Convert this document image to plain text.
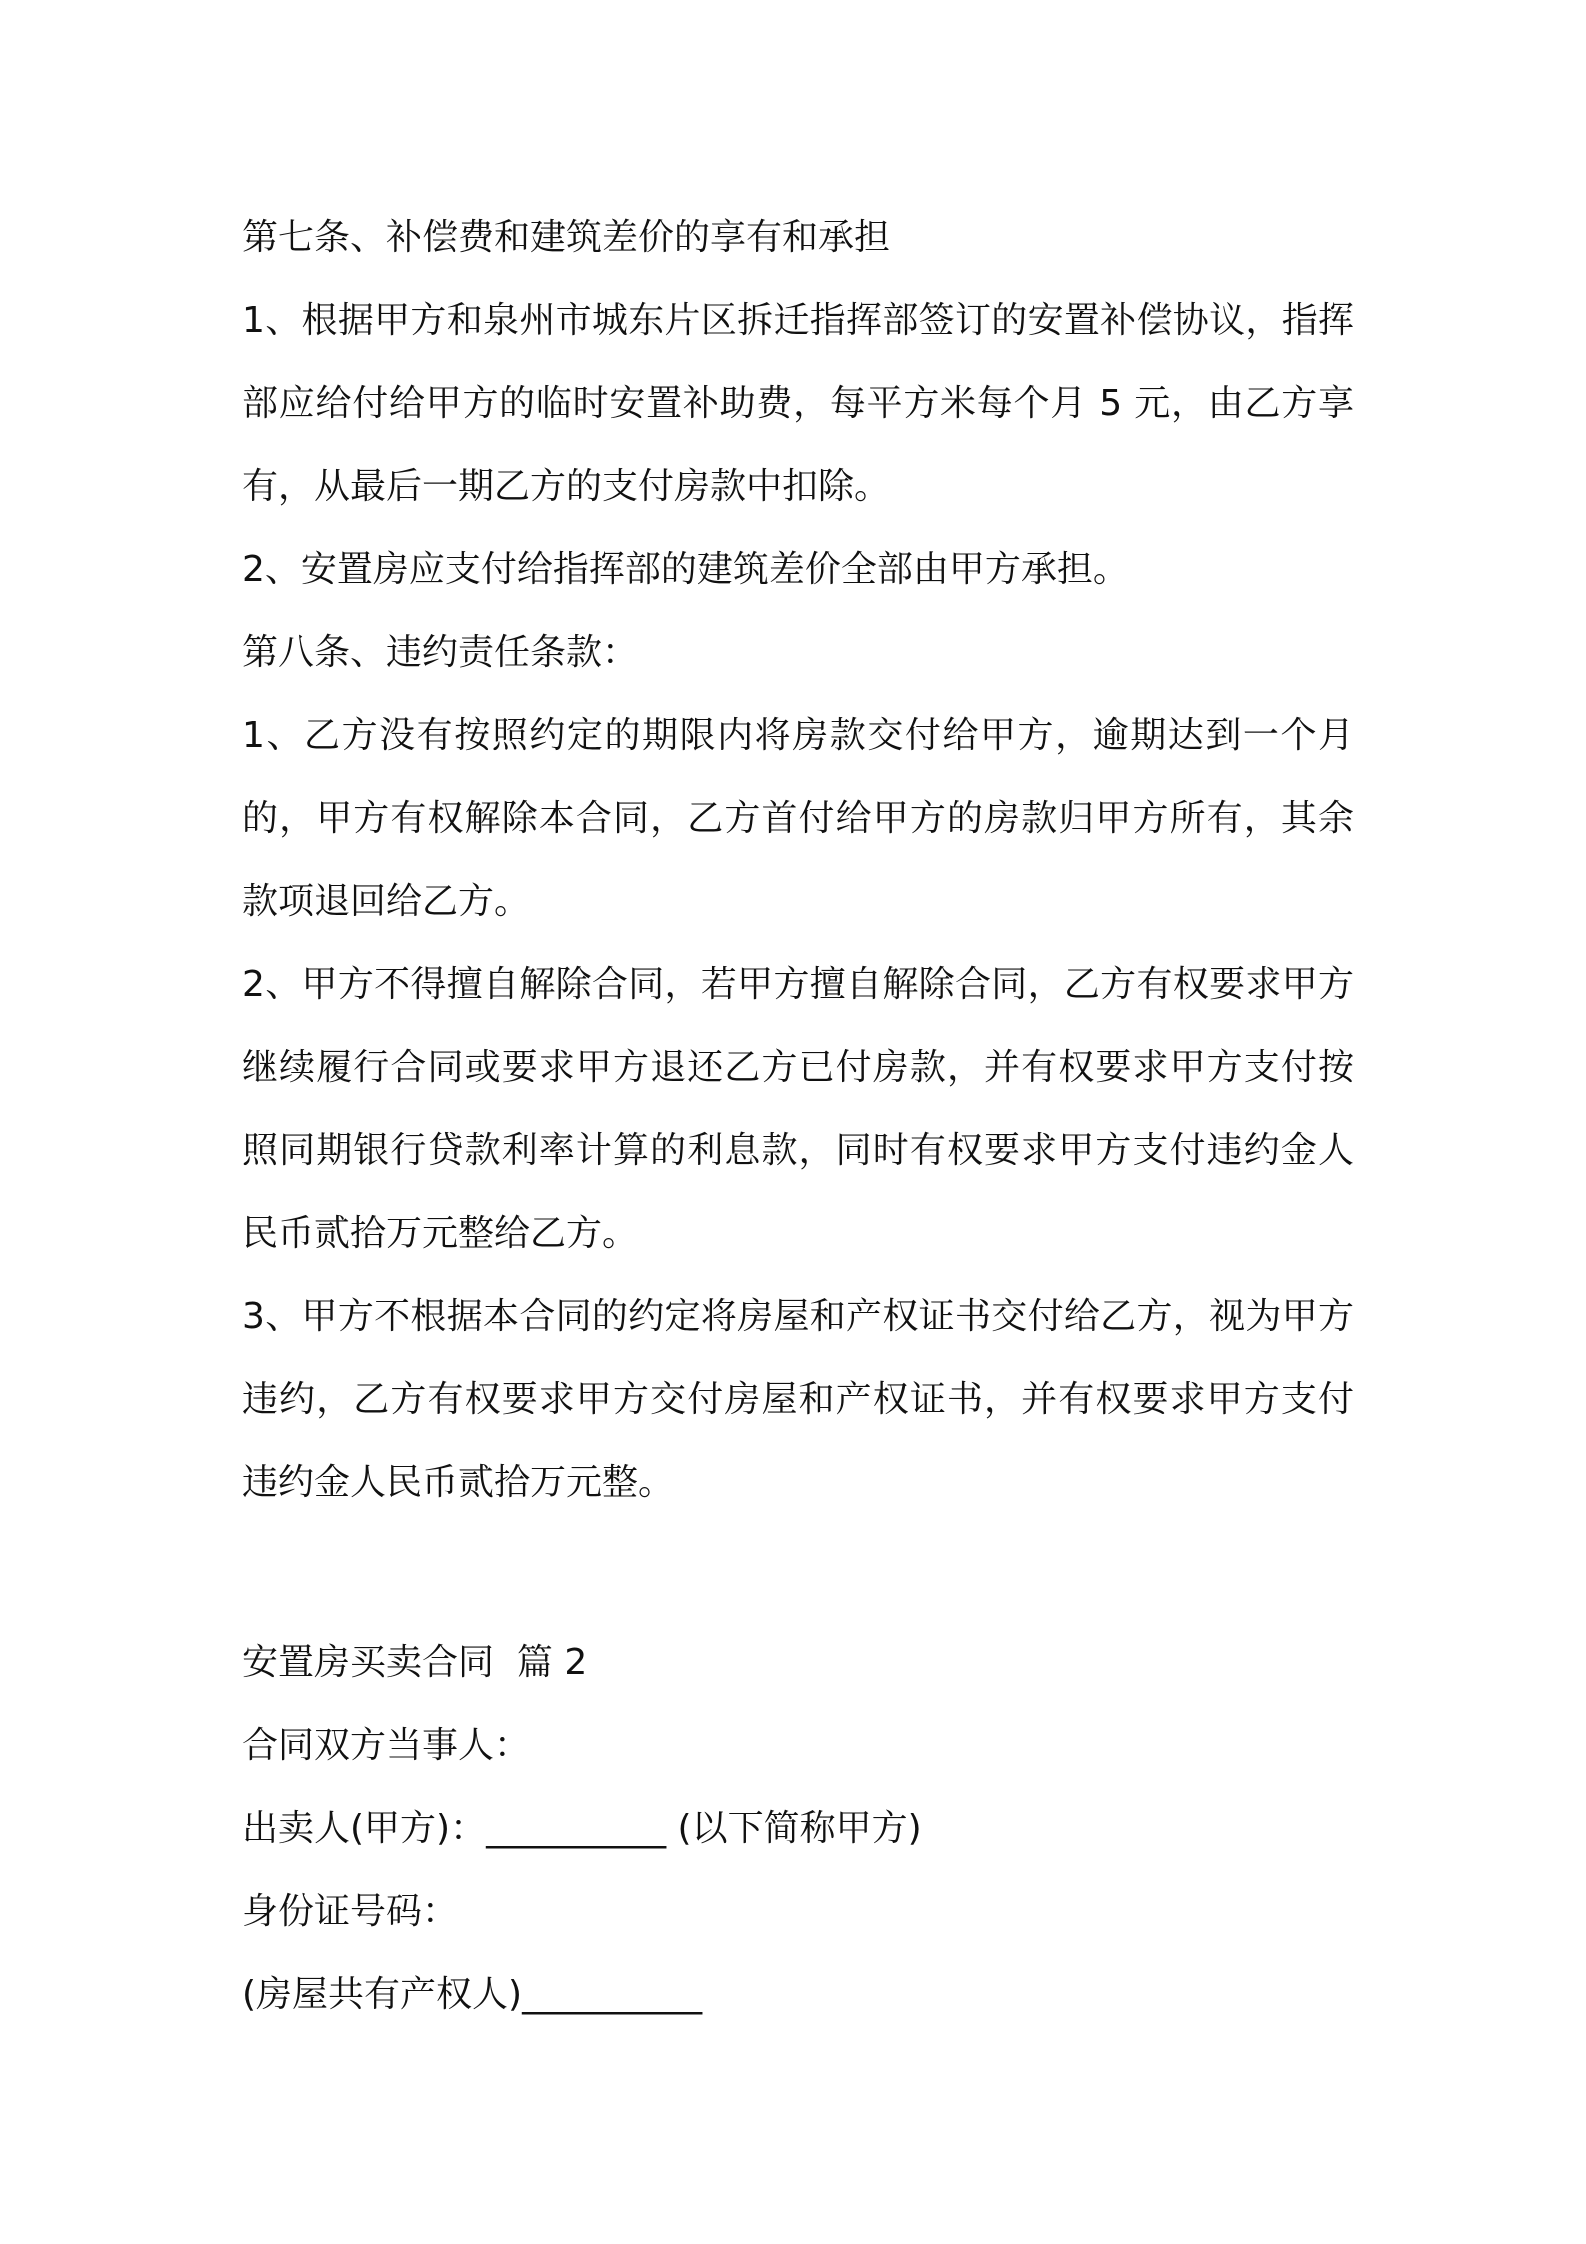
第七条、补偿费和建筑差价的享有和承担

1、根据甲方和泉州市城东片区拆迁指挥部签订的安置补偿协议，指挥部应给付给甲方的临时安置补助费，每平方米每个月 5 元，由乙方享有，从最后一期乙方的支付房款中扣除。

2、安置房应支付给指挥部的建筑差价全部由甲方承担。

第八条、违约责任条款：

1、乙方没有按照约定的期限内将房款交付给甲方，逾期达到一个月的，甲方有权解除本合同，乙方首付给甲方的房款归甲方所有，其余款项退回给乙方。

2、甲方不得擅自解除合同，若甲方擅自解除合同，乙方有权要求甲方继续履行合同或要求甲方退还乙方已付房款，并有权要求甲方支付按照同期银行贷款利率计算的利息款，同时有权要求甲方支付违约金人民币贰拾万元整给乙方。

3、甲方不根据本合同的约定将房屋和产权证书交付给乙方，视为甲方违约，乙方有权要求甲方交付房屋和产权证书，并有权要求甲方支付违约金人民币贰拾万元整。

安置房买卖合同  篇 2

合同双方当事人：

出卖人(甲方)：__________ (以下简称甲方)

身份证号码：

(房屋共有产权人)__________
